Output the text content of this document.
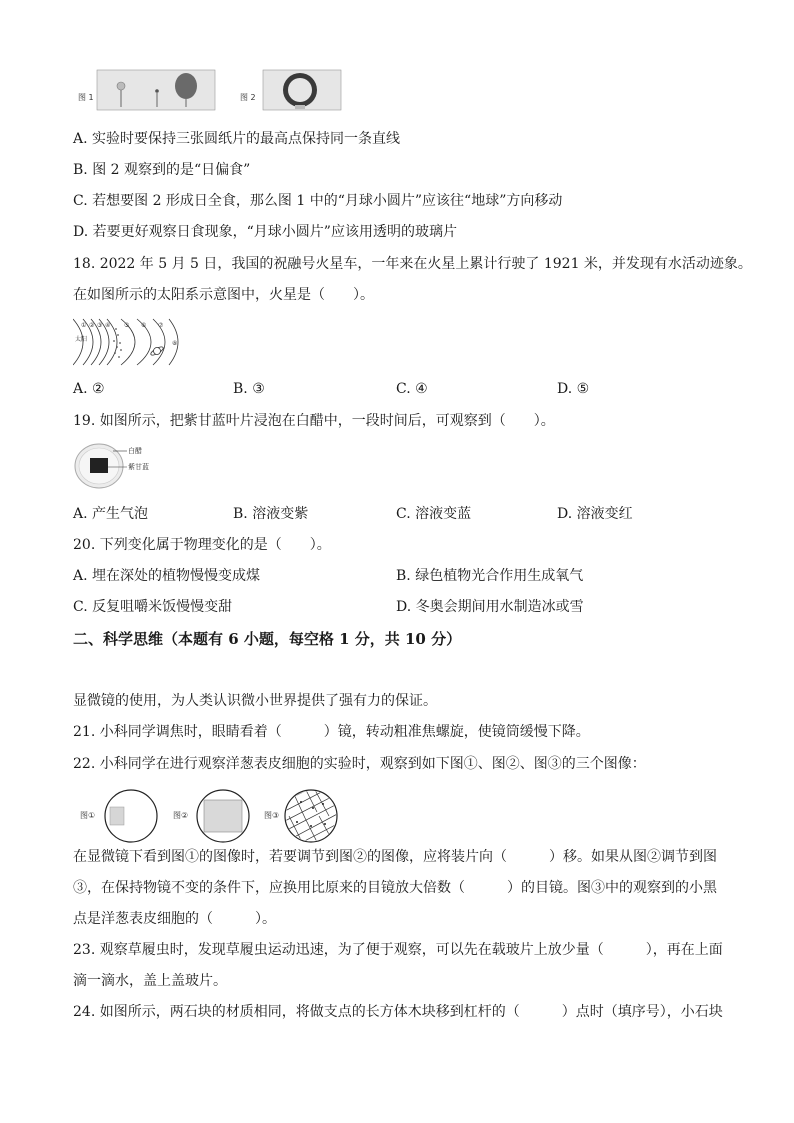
图 1	图 2
A. 实验时要保持三张圆纸片的最高点保持同一条直线
B. 图 2 观察到的是“日偏食”
C. 若想要图 2 形成日全食，那么图 1 中的“月球小圆片”应该往“地球”方向移动
D. 若要更好观察日食现象，“月球小圆片”应该用透明的玻璃片
18. 2022 年 5 月 5 日，我国的祝融号火星车，一年来在火星上累计行驶了 1921 米，并发现有水活动迹象。
在如图所示的太阳系示意图中，火星是（　　）。
太阳
① ② ③ ④ ⑤ ⑥ ⑦
⑧
A. ②	B. ③	C. ④	D. ⑤
19. 如图所示，把紫甘蓝叶片浸泡在白醋中，一段时间后，可观察到（　　）。
白醋
紫甘蓝
A. 产生气泡	B. 溶液变紫	C. 溶液变蓝	D. 溶液变红
20. 下列变化属于物理变化的是（　　）。
A. 埋在深处的植物慢慢变成煤	B. 绿色植物光合作用生成氧气
C. 反复咀嚼米饭慢慢变甜	D. 冬奥会期间用水制造冰或雪
二、科学思维（本题有 6 小题，每空格 1 分，共 10 分）
显微镜的使用，为人类认识微小世界提供了强有力的保证。
21. 小科同学调焦时，眼睛看着（　　　）镜，转动粗准焦螺旋，使镜筒缓慢下降。
22. 小科同学在进行观察洋葱表皮细胞的实验时，观察到如下图①、图②、图③的三个图像：
图①	图②	图③
在显微镜下看到图①的图像时，若要调节到图②的图像，应将装片向（　　　）移。如果从图②调节到图
③，在保持物镜不变的条件下，应换用比原来的目镜放大倍数（　　　）的目镜。图③中的观察到的小黑
点是洋葱表皮细胞的（　　　）。
23. 观察草履虫时，发现草履虫运动迅速，为了便于观察，可以先在载玻片上放少量（　　　），再在上面
滴一滴水，盖上盖玻片。
24. 如图所示，两石块的材质相同，将做支点的长方体木块移到杠杆的（　　　）点时（填序号），小石块
